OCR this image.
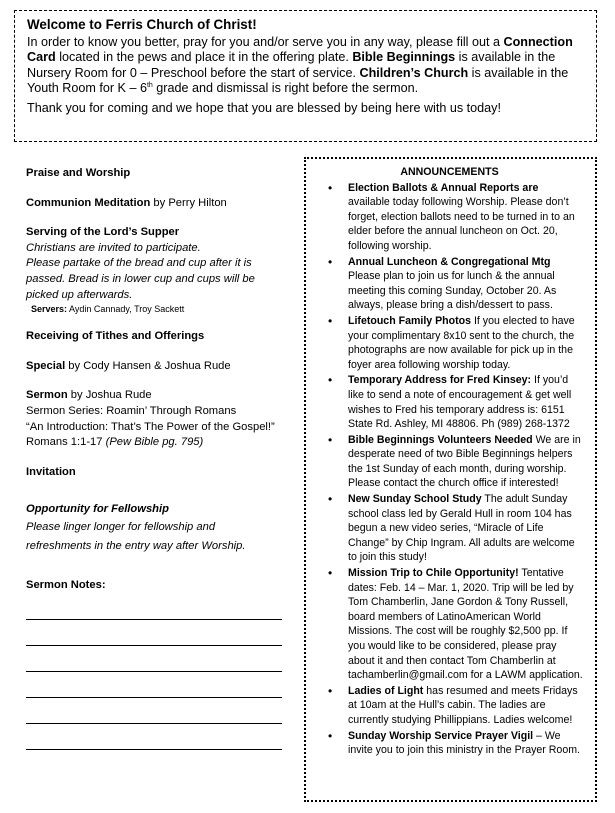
Welcome to Ferris Church of Christ!

In order to know you better, pray for you and/or serve you in any way, please fill out a Connection Card located in the pews and place it in the offering plate. Bible Beginnings is available in the Nursery Room for 0 – Preschool before the start of service. Children’s Church is available in the Youth Room for K – 6th grade and dismissal is right before the sermon.

Thank you for coming and we hope that you are blessed by being here with us today!

Praise and Worship
Communion Meditation by Perry Hilton
Serving of the Lord’s Supper
Christians are invited to participate.
Please partake of the bread and cup after it is passed. Bread is in lower cup and cups will be picked up afterwards.
Servers: Aydin Cannady, Troy Sackett
Receiving of Tithes and Offerings
Special by Cody Hansen & Joshua Rude
Sermon by Joshua Rude
Sermon Series: Roamin’ Through Romans
“An Introduction: That’s The Power of the Gospel!”
Romans 1:1-17 (Pew Bible pg. 795)
Invitation
Opportunity for Fellowship
Please linger longer for fellowship and refreshments in the entry way after Worship.
Sermon Notes:
ANNOUNCEMENTS
• Election Ballots & Annual Reports are available today following Worship. Please don’t forget, election ballots need to be turned in to an elder before the annual luncheon on Oct. 20, following worship.
• Annual Luncheon & Congregational Mtg Please plan to join us for lunch & the annual meeting this coming Sunday, October 20. As always, please bring a dish/dessert to pass.
• Lifetouch Family Photos If you elected to have your complimentary 8x10 sent to the church, the photographs are now available for pick up in the foyer area following worship today.
• Temporary Address for Fred Kinsey: If you’d like to send a note of encouragement & get well wishes to Fred his temporary address is: 6151 State Rd. Ashley, MI 48806. Ph (989) 268-1372
• Bible Beginnings Volunteers Needed We are in desperate need of two Bible Beginnings helpers the 1st Sunday of each month, during worship. Please contact the church office if interested!
• New Sunday School Study The adult Sunday school class led by Gerald Hull in room 104 has begun a new video series, “Miracle of Life Change” by Chip Ingram. All adults are welcome to join this study!
• Mission Trip to Chile Opportunity! Tentative dates: Feb. 14 – Mar. 1, 2020. Trip will be led by Tom Chamberlin, Jane Gordon & Tony Russell, board members of LatinoAmerican World Missions. The cost will be roughly $2,500 pp. If you would like to be considered, please pray about it and then contact Tom Chamberlin at tachamberlin@gmail.com for a LAWM application.
• Ladies of Light has resumed and meets Fridays at 10am at the Hull’s cabin. The ladies are currently studying Phillippians. Ladies welcome!
• Sunday Worship Service Prayer Vigil – We invite you to join this ministry in the Prayer Room.
